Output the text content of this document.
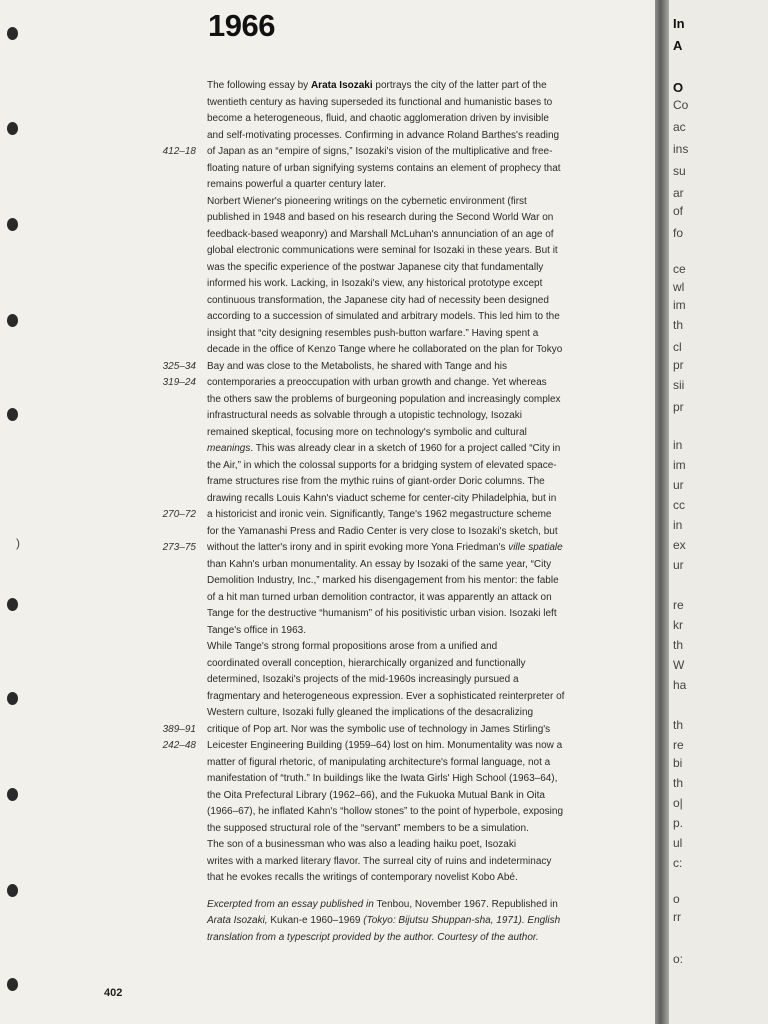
)
1966
412–18
325–34
319–24
270–72
273–75
389–91
242–48
The following essay by Arata Isozaki portrays the city of the latter part of the
twentieth century as having superseded its functional and humanistic bases to
become a heterogeneous, fluid, and chaotic agglomeration driven by invisible
and self-motivating processes. Confirming in advance Roland Barthes's reading
of Japan as an “empire of signs,” Isozaki's vision of the multiplicative and free-
floating nature of urban signifying systems contains an element of prophecy that
remains powerful a quarter century later.
Norbert Wiener's pioneering writings on the cybernetic environment (first
published in 1948 and based on his research during the Second World War on
feedback-based weaponry) and Marshall McLuhan's annunciation of an age of
global electronic communications were seminal for Isozaki in these years. But it
was the specific experience of the postwar Japanese city that fundamentally
informed his work. Lacking, in Isozaki's view, any historical prototype except
continuous transformation, the Japanese city had of necessity been designed
according to a succession of simulated and arbitrary models. This led him to the
insight that “city designing resembles push-button warfare.” Having spent a
decade in the office of Kenzo Tange where he collaborated on the plan for Tokyo
Bay and was close to the Metabolists, he shared with Tange and his
contemporaries a preoccupation with urban growth and change. Yet whereas
the others saw the problems of burgeoning population and increasingly complex
infrastructural needs as solvable through a utopistic technology, Isozaki
remained skeptical, focusing more on technology's symbolic and cultural
meanings. This was already clear in a sketch of 1960 for a project called “City in
the Air,” in which the colossal supports for a bridging system of elevated space-
frame structures rise from the mythic ruins of giant-order Doric columns. The
drawing recalls Louis Kahn's viaduct scheme for center-city Philadelphia, but in
a historicist and ironic vein. Significantly, Tange's 1962 megastructure scheme
for the Yamanashi Press and Radio Center is very close to Isozaki's sketch, but
without the latter's irony and in spirit evoking more Yona Friedman's ville spatiale
than Kahn's urban monumentality. An essay by Isozaki of the same year, “City
Demolition Industry, Inc.,” marked his disengagement from his mentor: the fable
of a hit man turned urban demolition contractor, it was apparently an attack on
Tange for the destructive “humanism” of his positivistic urban vision. Isozaki left
Tange's office in 1963.
While Tange's strong formal propositions arose from a unified and
coordinated overall conception, hierarchically organized and functionally
determined, Isozaki's projects of the mid-1960s increasingly pursued a
fragmentary and heterogeneous expression. Ever a sophisticated reinterpreter of
Western culture, Isozaki fully gleaned the implications of the desacralizing
critique of Pop art. Nor was the symbolic use of technology in James Stirling's
Leicester Engineering Building (1959–64) lost on him. Monumentality was now a
matter of figural rhetoric, of manipulating architecture's formal language, not a
manifestation of “truth.” In buildings like the Iwata Girls' High School (1963–64),
the Oita Prefectural Library (1962–66), and the Fukuoka Mutual Bank in Oita
(1966–67), he inflated Kahn's “hollow stones” to the point of hyperbole, exposing
the supposed structural role of the “servant” members to be a simulation.
The son of a businessman who was also a leading haiku poet, Isozaki
writes with a marked literary flavor. The surreal city of ruins and indeterminacy
that he evokes recalls the writings of contemporary novelist Kobo Abé.
Excerpted from an essay published in Tenbou, November 1967. Republished in
Arata Isozaki, Kukan-e 1960–1969 (Tokyo: Bijutsu Shuppan-sha, 1971). English
translation from a typescript provided by the author. Courtesy of the author.
402
In
A
O
Co
ac
ins
su
ar
of
fo
ce
wl
im
th
cl
pr
sii
pr
in
im
ur
cc
in
ex
ur
re
kr
th
W
ha
th
re
bi
th
o|
p.
ul
c:
o
rr
o:
